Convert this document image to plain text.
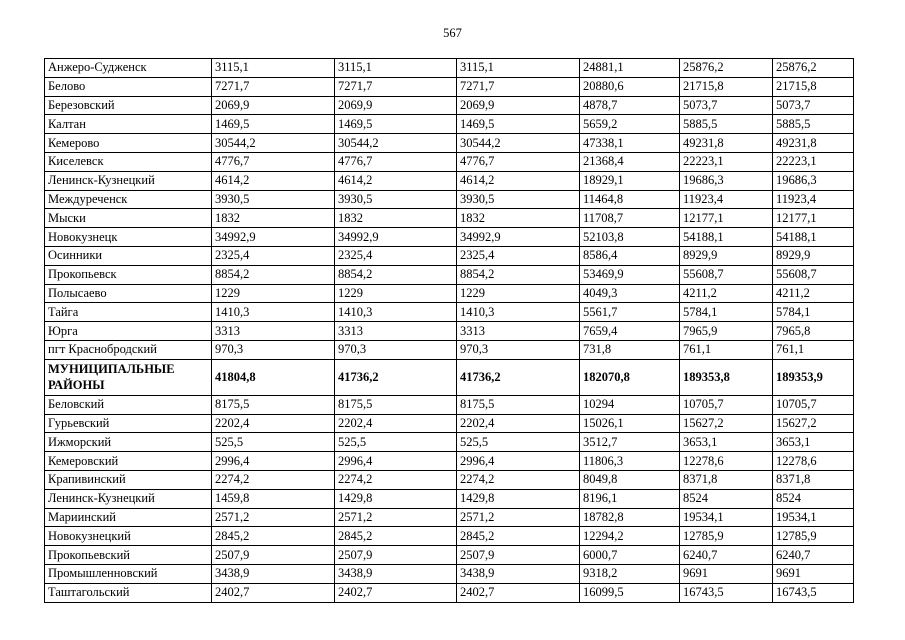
567
Анжеро-Судженск	3115,1	3115,1	3115,1	24881,1	25876,2	25876,2
Белово	7271,7	7271,7	7271,7	20880,6	21715,8	21715,8
Березовский	2069,9	2069,9	2069,9	4878,7	5073,7	5073,7
Калтан	1469,5	1469,5	1469,5	5659,2	5885,5	5885,5
Кемерово	30544,2	30544,2	30544,2	47338,1	49231,8	49231,8
Киселевск	4776,7	4776,7	4776,7	21368,4	22223,1	22223,1
Ленинск-Кузнецкий	4614,2	4614,2	4614,2	18929,1	19686,3	19686,3
Междуреченск	3930,5	3930,5	3930,5	11464,8	11923,4	11923,4
Мыски	1832	1832	1832	11708,7	12177,1	12177,1
Новокузнецк	34992,9	34992,9	34992,9	52103,8	54188,1	54188,1
Осинники	2325,4	2325,4	2325,4	8586,4	8929,9	8929,9
Прокопьевск	8854,2	8854,2	8854,2	53469,9	55608,7	55608,7
Полысаево	1229	1229	1229	4049,3	4211,2	4211,2
Тайга	1410,3	1410,3	1410,3	5561,7	5784,1	5784,1
Юрга	3313	3313	3313	7659,4	7965,9	7965,8
пгт Краснобродский	970,3	970,3	970,3	731,8	761,1	761,1
МУНИЦИПАЛЬНЫЕ РАЙОНЫ	41804,8	41736,2	41736,2	182070,8	189353,8	189353,9
Беловский	8175,5	8175,5	8175,5	10294	10705,7	10705,7
Гурьевский	2202,4	2202,4	2202,4	15026,1	15627,2	15627,2
Ижморский	525,5	525,5	525,5	3512,7	3653,1	3653,1
Кемеровский	2996,4	2996,4	2996,4	11806,3	12278,6	12278,6
Крапивинский	2274,2	2274,2	2274,2	8049,8	8371,8	8371,8
Ленинск-Кузнецкий	1459,8	1429,8	1429,8	8196,1	8524	8524
Мариинский	2571,2	2571,2	2571,2	18782,8	19534,1	19534,1
Новокузнецкий	2845,2	2845,2	2845,2	12294,2	12785,9	12785,9
Прокопьевский	2507,9	2507,9	2507,9	6000,7	6240,7	6240,7
Промышленновский	3438,9	3438,9	3438,9	9318,2	9691	9691
Таштагольский	2402,7	2402,7	2402,7	16099,5	16743,5	16743,5
